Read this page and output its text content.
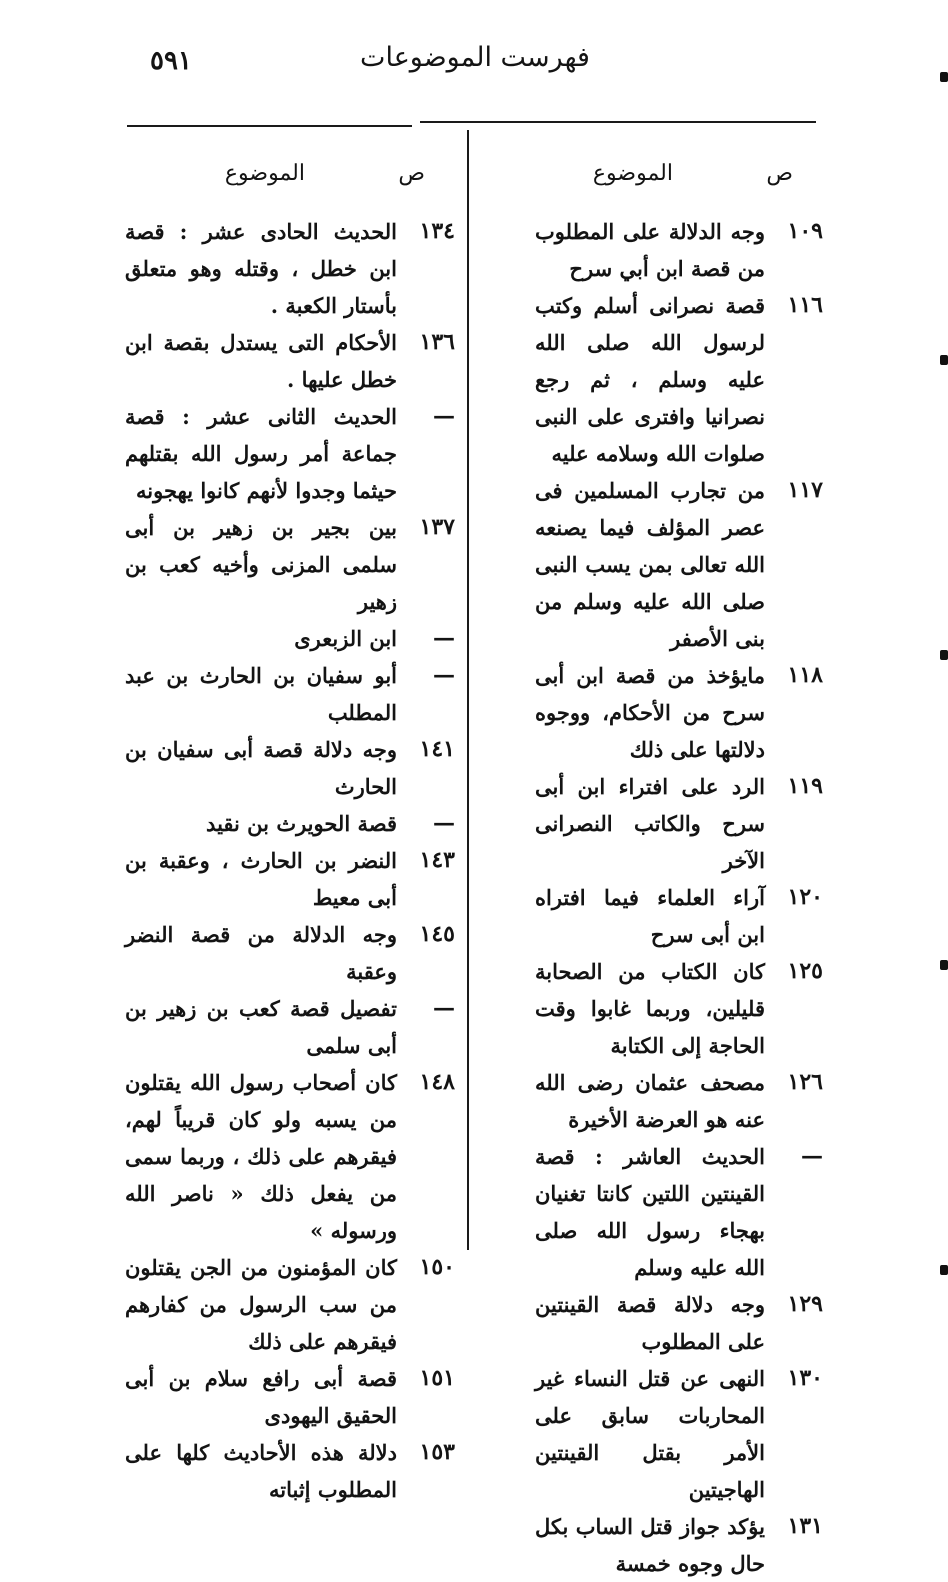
٥٩١	فهرست الموضوعات
ص
الموضوع
١٠٩
وجه الدلالة على المطلوب من قصة ابن أبي سرح
١١٦
قصة نصرانى أسلم وكتب لرسول الله صلى الله عليه وسلم ، ثم رجع نصرانيا وافترى على النبى صلوات الله وسلامه عليه
١١٧
من تجارب المسلمين فى عصر المؤلف فيما يصنعه الله تعالى بمن يسب النبى صلى الله عليه وسلم من بنى الأصفر
١١٨
مايؤخذ من قصة ابن أبى سرح من الأحكام، ووجوه دلالتها على ذلك
١١٩
الرد على افتراء ابن أبى سرح والكاتب النصرانى الآخر
١٢٠
آراء العلماء فيما افتراه ابن أبى سرح
١٢٥
كان الكتاب من الصحابة قليلين، وربما غابوا وقت الحاجة إلى الكتابة
١٢٦
مصحف عثمان رضى الله عنه هو العرضة الأخيرة
—
الحديث العاشر : قصة القينتين اللتين كانتا تغنيان بهجاء رسول الله صلى الله عليه وسلم
١٢٩
وجه دلالة قصة القينتين على المطلوب
١٣٠
النهى عن قتل النساء غير المحاربات سابق على الأمر بقتل القينتين الهاجيتين
١٣١
يؤكد جواز قتل الساب بكل حال وجوه خمسة
ص
الموضوع
١٣٤
الحديث الحادى عشر : قصة ابن خطل ، وقتله وهو متعلق بأستار الكعبة .
١٣٦
الأحكام التى يستدل بقصة ابن خطل عليها .
—
الحديث الثانى عشر : قصة جماعة أمر رسول الله بقتلهم حيثما وجدوا لأنهم كانوا يهجونه
١٣٧
بين بجير بن زهير بن أبى سلمى المزنى وأخيه كعب بن زهير
—
ابن الزبعرى
—
أبو سفيان بن الحارث بن عبد المطلب
١٤١
وجه دلالة قصة أبى سفيان بن الحارث
—
قصة الحويرث بن نقيد
١٤٣
النضر بن الحارث ، وعقبة بن أبى معيط
١٤٥
وجه الدلالة من قصة النضر وعقبة
—
تفصيل قصة كعب بن زهير بن أبى سلمى
١٤٨
كان أصحاب رسول الله يقتلون من يسبه ولو كان قريباً لهم، فيقرهم على ذلك ، وربما سمى من يفعل ذلك « ناصر الله ورسوله »
١٥٠
كان المؤمنون من الجن يقتلون من سب الرسول من كفارهم فيقرهم على ذلك
١٥١
قصة أبى رافع سلام بن أبى الحقيق اليهودى
١٥٣
دلالة هذه الأحاديث كلها على المطلوب إثباته
